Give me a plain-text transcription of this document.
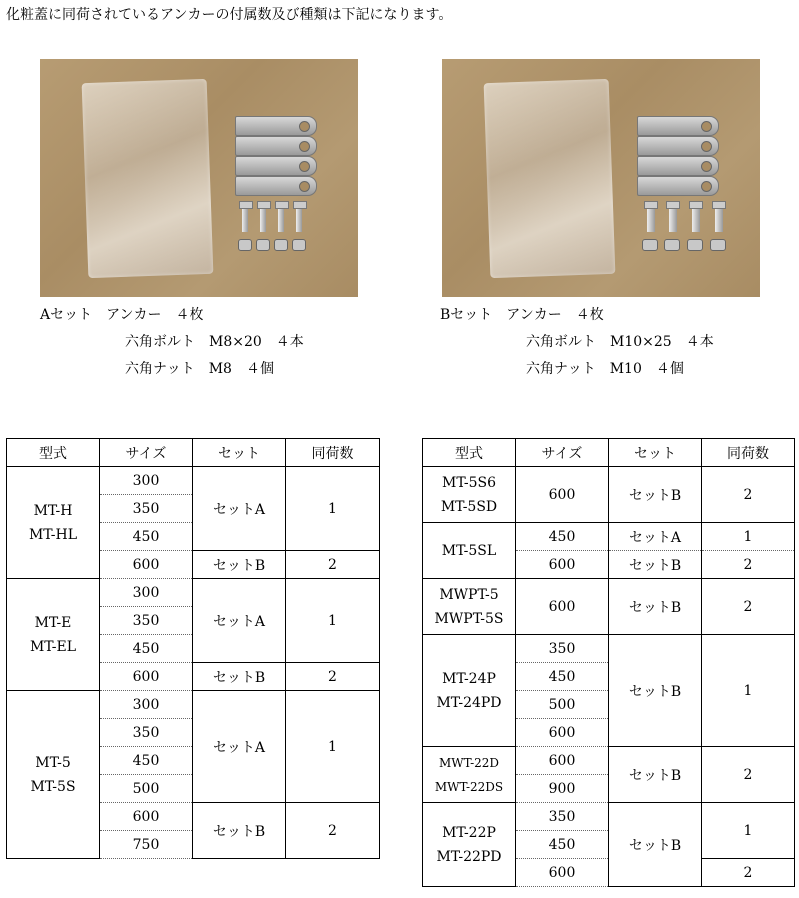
化粧蓋に同荷されているアンカーの付属数及び種類は下記になります。
Aセット　アンカー　４枚
六角ボルト　M8×20　４本
六角ナット　M8　４個
Bセット　アンカー　４枚
六角ボルト　M10×25　４本
六角ナット　M10　４個
型式	サイズ	セット	同荷数
MT-H
MT-HL	300	セットA	1
	350		
	450		
	600	セットB	2
MT-E
MT-EL	300	セットA	1
	350		
	450		
	600	セットB	2
MT-5
MT-5S	300	セットA	1
	350		
	450		
	500		
	600	セットB	2
	750		
型式	サイズ	セット	同荷数
MT-5S6
MT-5SD	600	セットB	2
MT-5SL	450	セットA	1
	600	セットB	2
MWPT-5
MWPT-5S	600	セットB	2
MT-24P
MT-24PD	350	セットB	1
	450		
	500		
	600		
MWT-22D
MWT-22DS	600	セットB	2
	900		
MT-22P
MT-22PD	350	セットB	1
	450		
	600		2
